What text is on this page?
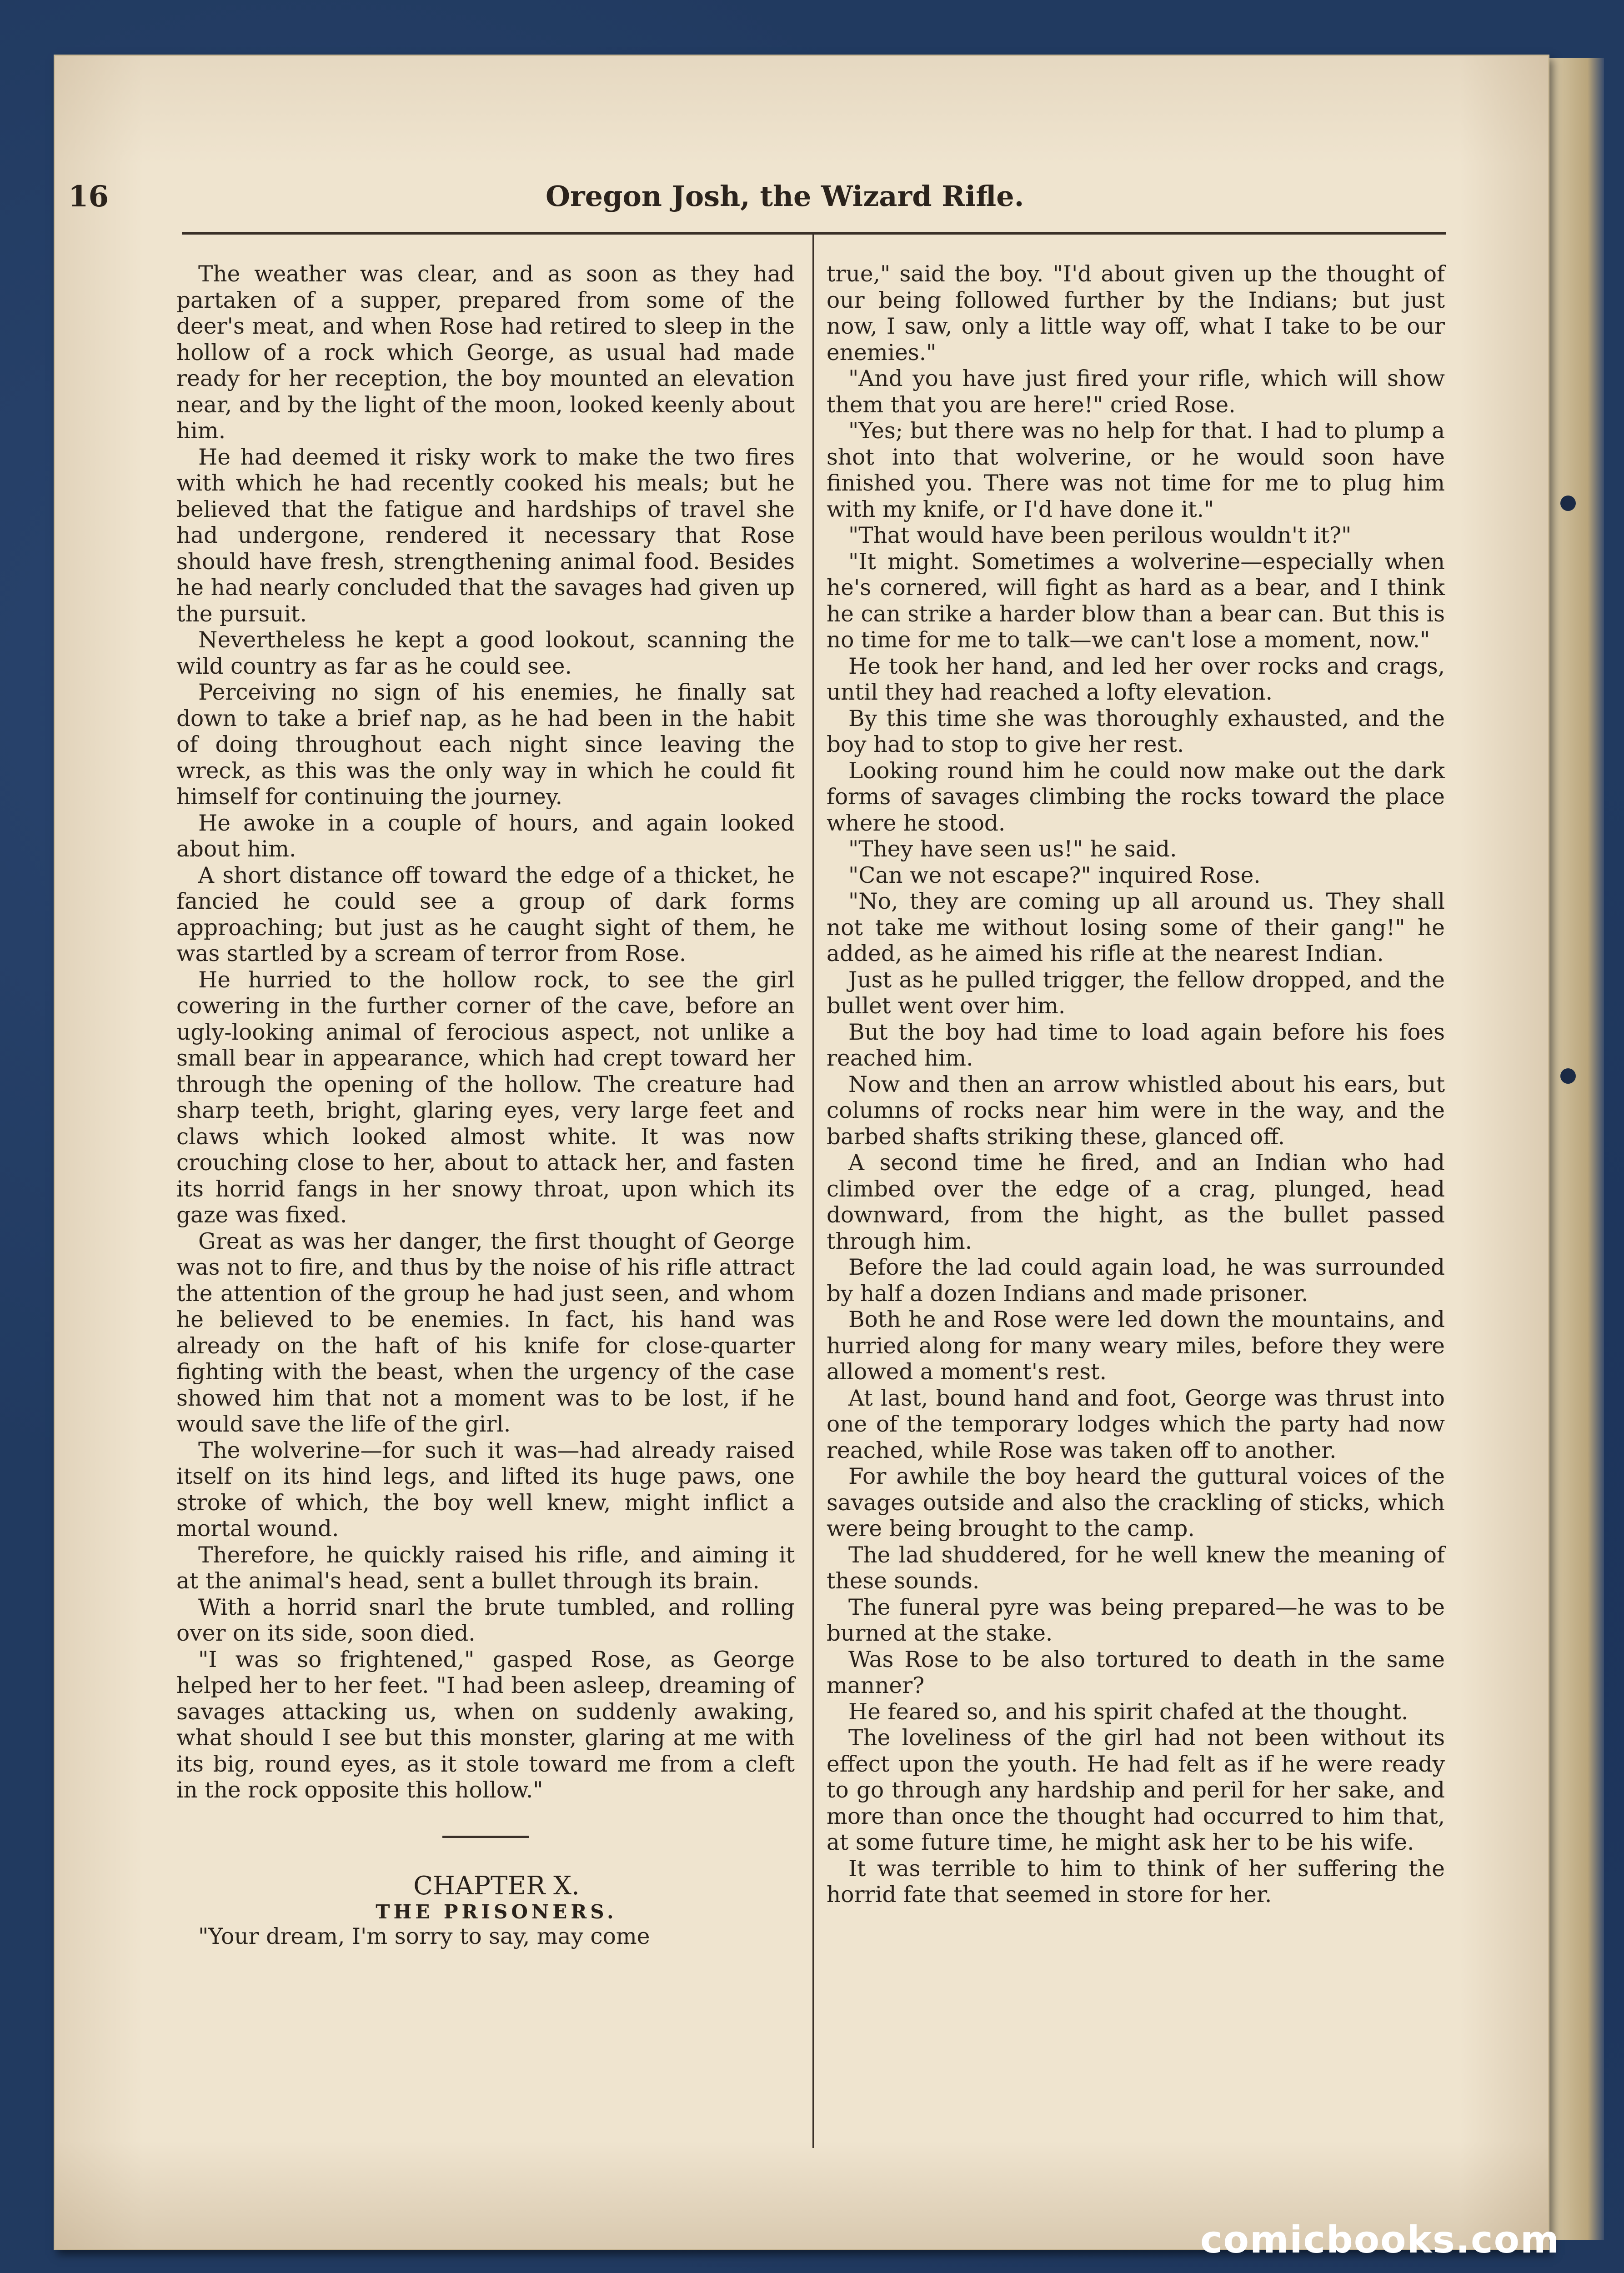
16	Oregon Josh, the Wizard Rifle.

The weather was clear, and as soon as they had partaken of a supper, prepared from some of the deer's meat, and when Rose had retired to sleep in the hollow of a rock which George, as usual had made ready for her reception, the boy mounted an elevation near, and by the light of the moon, looked keenly about him.

He had deemed it risky work to make the two fires with which he had recently cooked his meals; but he believed that the fatigue and hardships of travel she had undergone, rendered it necessary that Rose should have fresh, strengthening animal food. Besides he had nearly concluded that the savages had given up the pursuit.

Nevertheless he kept a good lookout, scanning the wild country as far as he could see.

Perceiving no sign of his enemies, he finally sat down to take a brief nap, as he had been in the habit of doing throughout each night since leaving the wreck, as this was the only way in which he could fit himself for continuing the journey.

He awoke in a couple of hours, and again looked about him.

A short distance off toward the edge of a thicket, he fancied he could see a group of dark forms approaching; but just as he caught sight of them, he was startled by a scream of terror from Rose.

He hurried to the hollow rock, to see the girl cowering in the further corner of the cave, before an ugly-looking animal of ferocious aspect, not unlike a small bear in appearance, which had crept toward her through the opening of the hollow. The creature had sharp teeth, bright, glaring eyes, very large feet and claws which looked almost white. It was now crouching close to her, about to attack her, and fasten its horrid fangs in her snowy throat, upon which its gaze was fixed.

Great as was her danger, the first thought of George was not to fire, and thus by the noise of his rifle attract the attention of the group he had just seen, and whom he believed to be enemies. In fact, his hand was already on the haft of his knife for close-quarter fighting with the beast, when the urgency of the case showed him that not a moment was to be lost, if he would save the life of the girl.

The wolverine—for such it was—had already raised itself on its hind legs, and lifted its huge paws, one stroke of which, the boy well knew, might inflict a mortal wound.

Therefore, he quickly raised his rifle, and aiming it at the animal's head, sent a bullet through its brain.

With a horrid snarl the brute tumbled, and rolling over on its side, soon died.

"I was so frightened," gasped Rose, as George helped her to her feet. "I had been asleep, dreaming of savages attacking us, when on suddenly awaking, what should I see but this monster, glaring at me with its big, round eyes, as it stole toward me from a cleft in the rock opposite this hollow."

CHAPTER X.

THE PRISONERS.

"Your dream, I'm sorry to say, may come

true," said the boy. "I'd about given up the thought of our being followed further by the Indians; but just now, I saw, only a little way off, what I take to be our enemies."

"And you have just fired your rifle, which will show them that you are here!" cried Rose.

"Yes; but there was no help for that. I had to plump a shot into that wolverine, or he would soon have finished you. There was not time for me to plug him with my knife, or I'd have done it."

"That would have been perilous wouldn't it?"

"It might. Sometimes a wolverine—especially when he's cornered, will fight as hard as a bear, and I think he can strike a harder blow than a bear can. But this is no time for me to talk—we can't lose a moment, now."

He took her hand, and led her over rocks and crags, until they had reached a lofty elevation.

By this time she was thoroughly exhausted, and the boy had to stop to give her rest.

Looking round him he could now make out the dark forms of savages climbing the rocks toward the place where he stood.

"They have seen us!" he said.

"Can we not escape?" inquired Rose.

"No, they are coming up all around us. They shall not take me without losing some of their gang!" he added, as he aimed his rifle at the nearest Indian.

Just as he pulled trigger, the fellow dropped, and the bullet went over him.

But the boy had time to load again before his foes reached him.

Now and then an arrow whistled about his ears, but columns of rocks near him were in the way, and the barbed shafts striking these, glanced off.

A second time he fired, and an Indian who had climbed over the edge of a crag, plunged, head downward, from the hight, as the bullet passed through him.

Before the lad could again load, he was surrounded by half a dozen Indians and made prisoner.

Both he and Rose were led down the mountains, and hurried along for many weary miles, before they were allowed a moment's rest.

At last, bound hand and foot, George was thrust into one of the temporary lodges which the party had now reached, while Rose was taken off to another.

For awhile the boy heard the guttural voices of the savages outside and also the crackling of sticks, which were being brought to the camp.

The lad shuddered, for he well knew the meaning of these sounds.

The funeral pyre was being prepared—he was to be burned at the stake.

Was Rose to be also tortured to death in the same manner?

He feared so, and his spirit chafed at the thought.

The loveliness of the girl had not been without its effect upon the youth. He had felt as if he were ready to go through any hardship and peril for her sake, and more than once the thought had occurred to him that, at some future time, he might ask her to be his wife.

It was terrible to him to think of her suffering the horrid fate that seemed in store for her.

comicbooks.com
